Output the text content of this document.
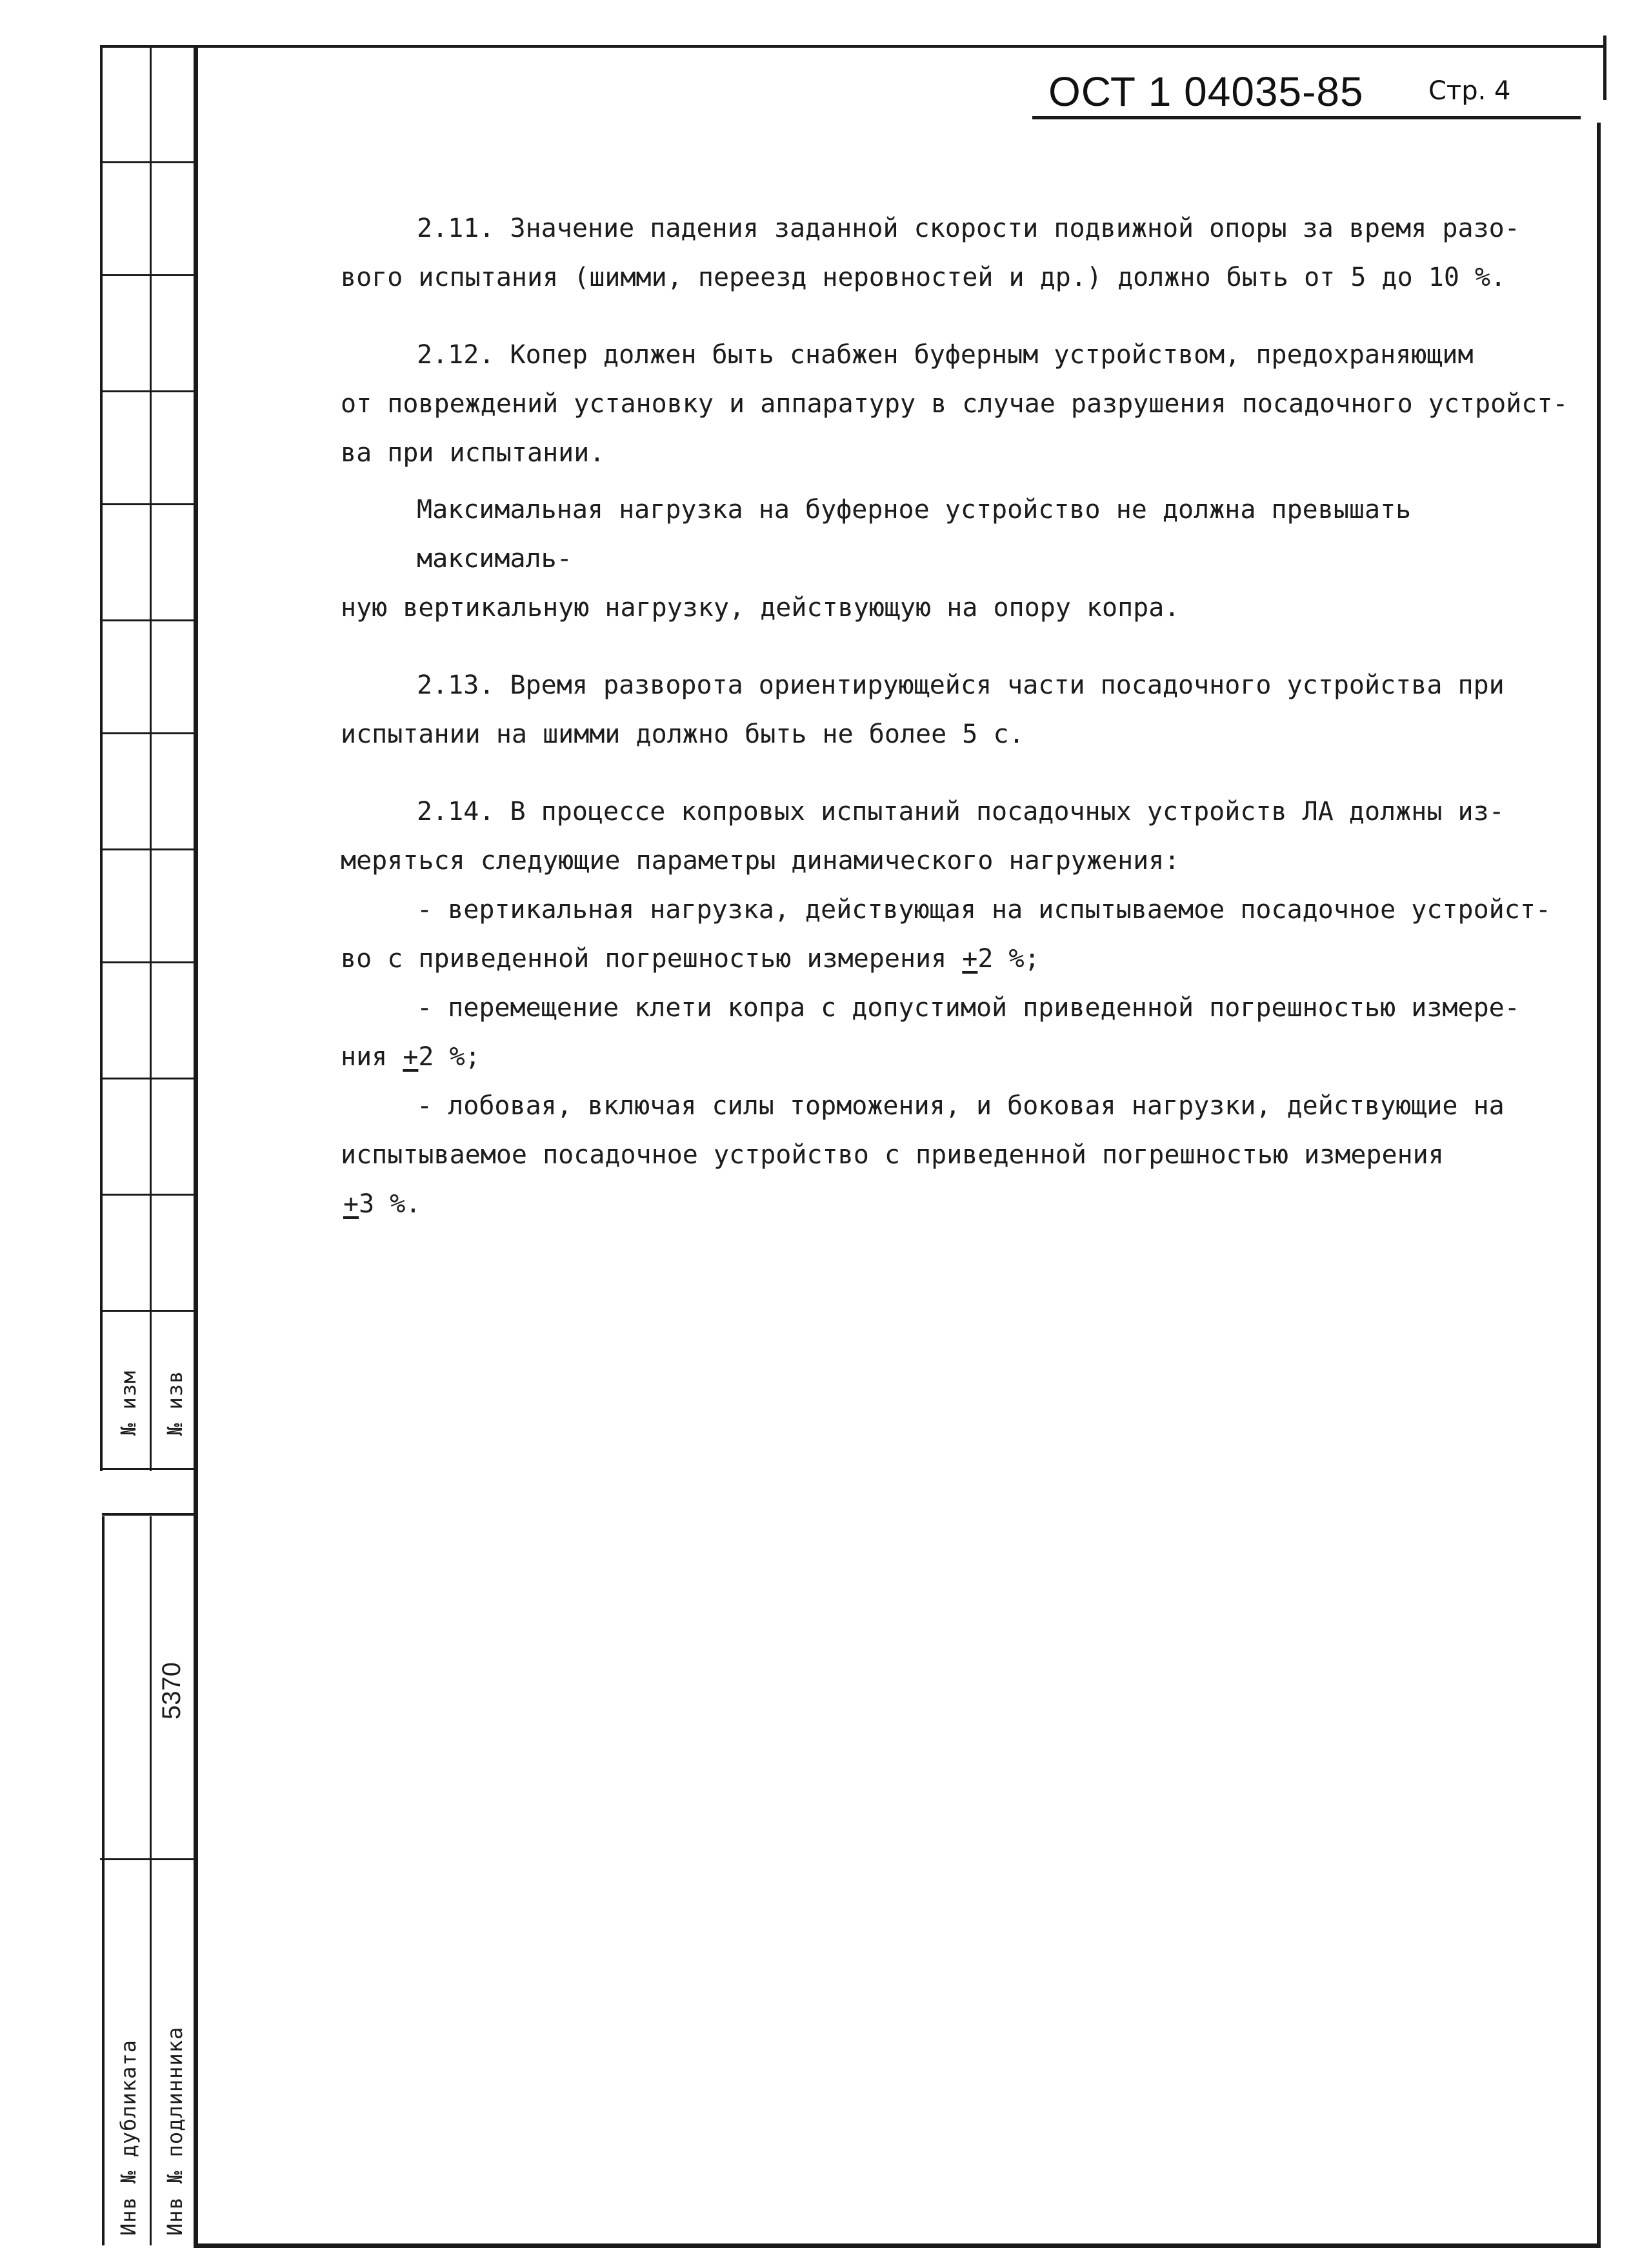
№ изм № изв
5370
Инв № дубликата Инв № подлинника
ОСТ 1 04035-85	Стр. 4

2.11. Значение падения заданной скорости подвижной опоры за время разо-

вого испытания (шимми, переезд неровностей и др.) должно быть от 5 до 10 %.

2.12. Копер должен быть снабжен буферным устройством, предохраняющим

от повреждений установку и аппаратуру в случае разрушения посадочного устройст-

ва при испытании.

Максимальная нагрузка на буферное устройство не должна превышать максималь-

ную вертикальную нагрузку, действующую на опору копра.

2.13. Время разворота ориентирующейся части посадочного устройства при

испытании на шимми должно быть не более 5 с.

2.14. В процессе копровых испытаний посадочных устройств ЛА должны из-

меряться следующие параметры динамического нагружения:

- вертикальная нагрузка, действующая на испытываемое посадочное устройст-

во с приведенной погрешностью измерения +2 %;

- перемещение клети копра с допустимой приведенной погрешностью измере-

ния +2 %;

- лобовая, включая силы торможения, и боковая нагрузки, действующие на

испытываемое посадочное устройство с приведенной погрешностью измерения

+3 %.
